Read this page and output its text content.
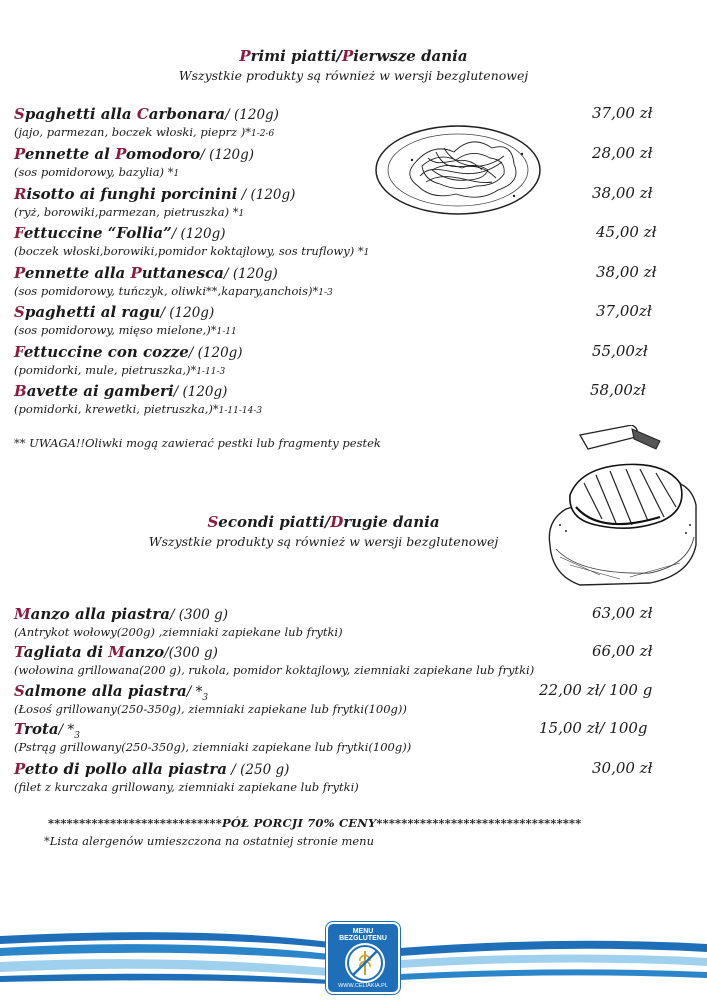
Primi piatti/Pierwsze dania
Wszystkie produkty są również w wersji bezglutenowej
Spaghetti alla Carbonara/ (120g)	37,00 zł
(jajo, parmezan, boczek włoski, pieprz )*1-2-6
Pennette al Pomodoro/ (120g)	28,00 zł
(sos pomidorowy, bazylia) *1
Risotto ai funghi porcinini / (120g)	38,00 zł
(ryż, borowiki,parmezan, pietruszka) *1
Fettuccine “Follia”/ (120g)	45,00 zł
(boczek włoski,borowiki,pomidor koktajlowy, sos truflowy) *1
Pennette alla Puttanesca/ (120g)	38,00 zł
(sos pomidorowy, tuńczyk, oliwki**,kapary,anchois)*1-3
Spaghetti al ragu/ (120g)	37,00zł
(sos pomidorowy, mięso mielone,)*1-11
Fettuccine con cozze/ (120g)	55,00zł
(pomidorki, mule, pietruszka,)*1-11-3
Bavette ai gamberi/ (120g)	58,00zł
(pomidorki, krewetki, pietruszka,)*1-11-14-3
** UWAGA!!Oliwki mogą zawierać pestki lub fragmenty pestek
Secondi piatti/Drugie dania
Wszystkie produkty są również w wersji bezglutenowej
Manzo alla piastra/ (300 g)	63,00 zł
(Antrykot wołowy(200g) ,ziemniaki zapiekane lub frytki)
Tagliata di Manzo/(300 g)	66,00 zł
(wołowina grillowana(200 g), rukola, pomidor koktajlowy, ziemniaki zapiekane lub frytki)
Salmone alla piastra/ $*_3$	22,00 zł/ 100 g
(Łosoś grillowany(250-350g), ziemniaki zapiekane lub frytki(100g))
Trota/ $*_3$	15,00 zł/ 100g
(Pstrąg grillowany(250-350g), ziemniaki zapiekane lub frytki(100g))
Petto di pollo alla piastra / (250 g)	30,00 zł
(filet z kurczaka grillowany, ziemniaki zapiekane lub frytki)
****************************PÓŁ PORCJI 70% CENY*********************************
*Lista alergenów umieszczona na ostatniej stronie menu
MENU
BEZGLUTENU
WWW.CELIAKIA.PL
